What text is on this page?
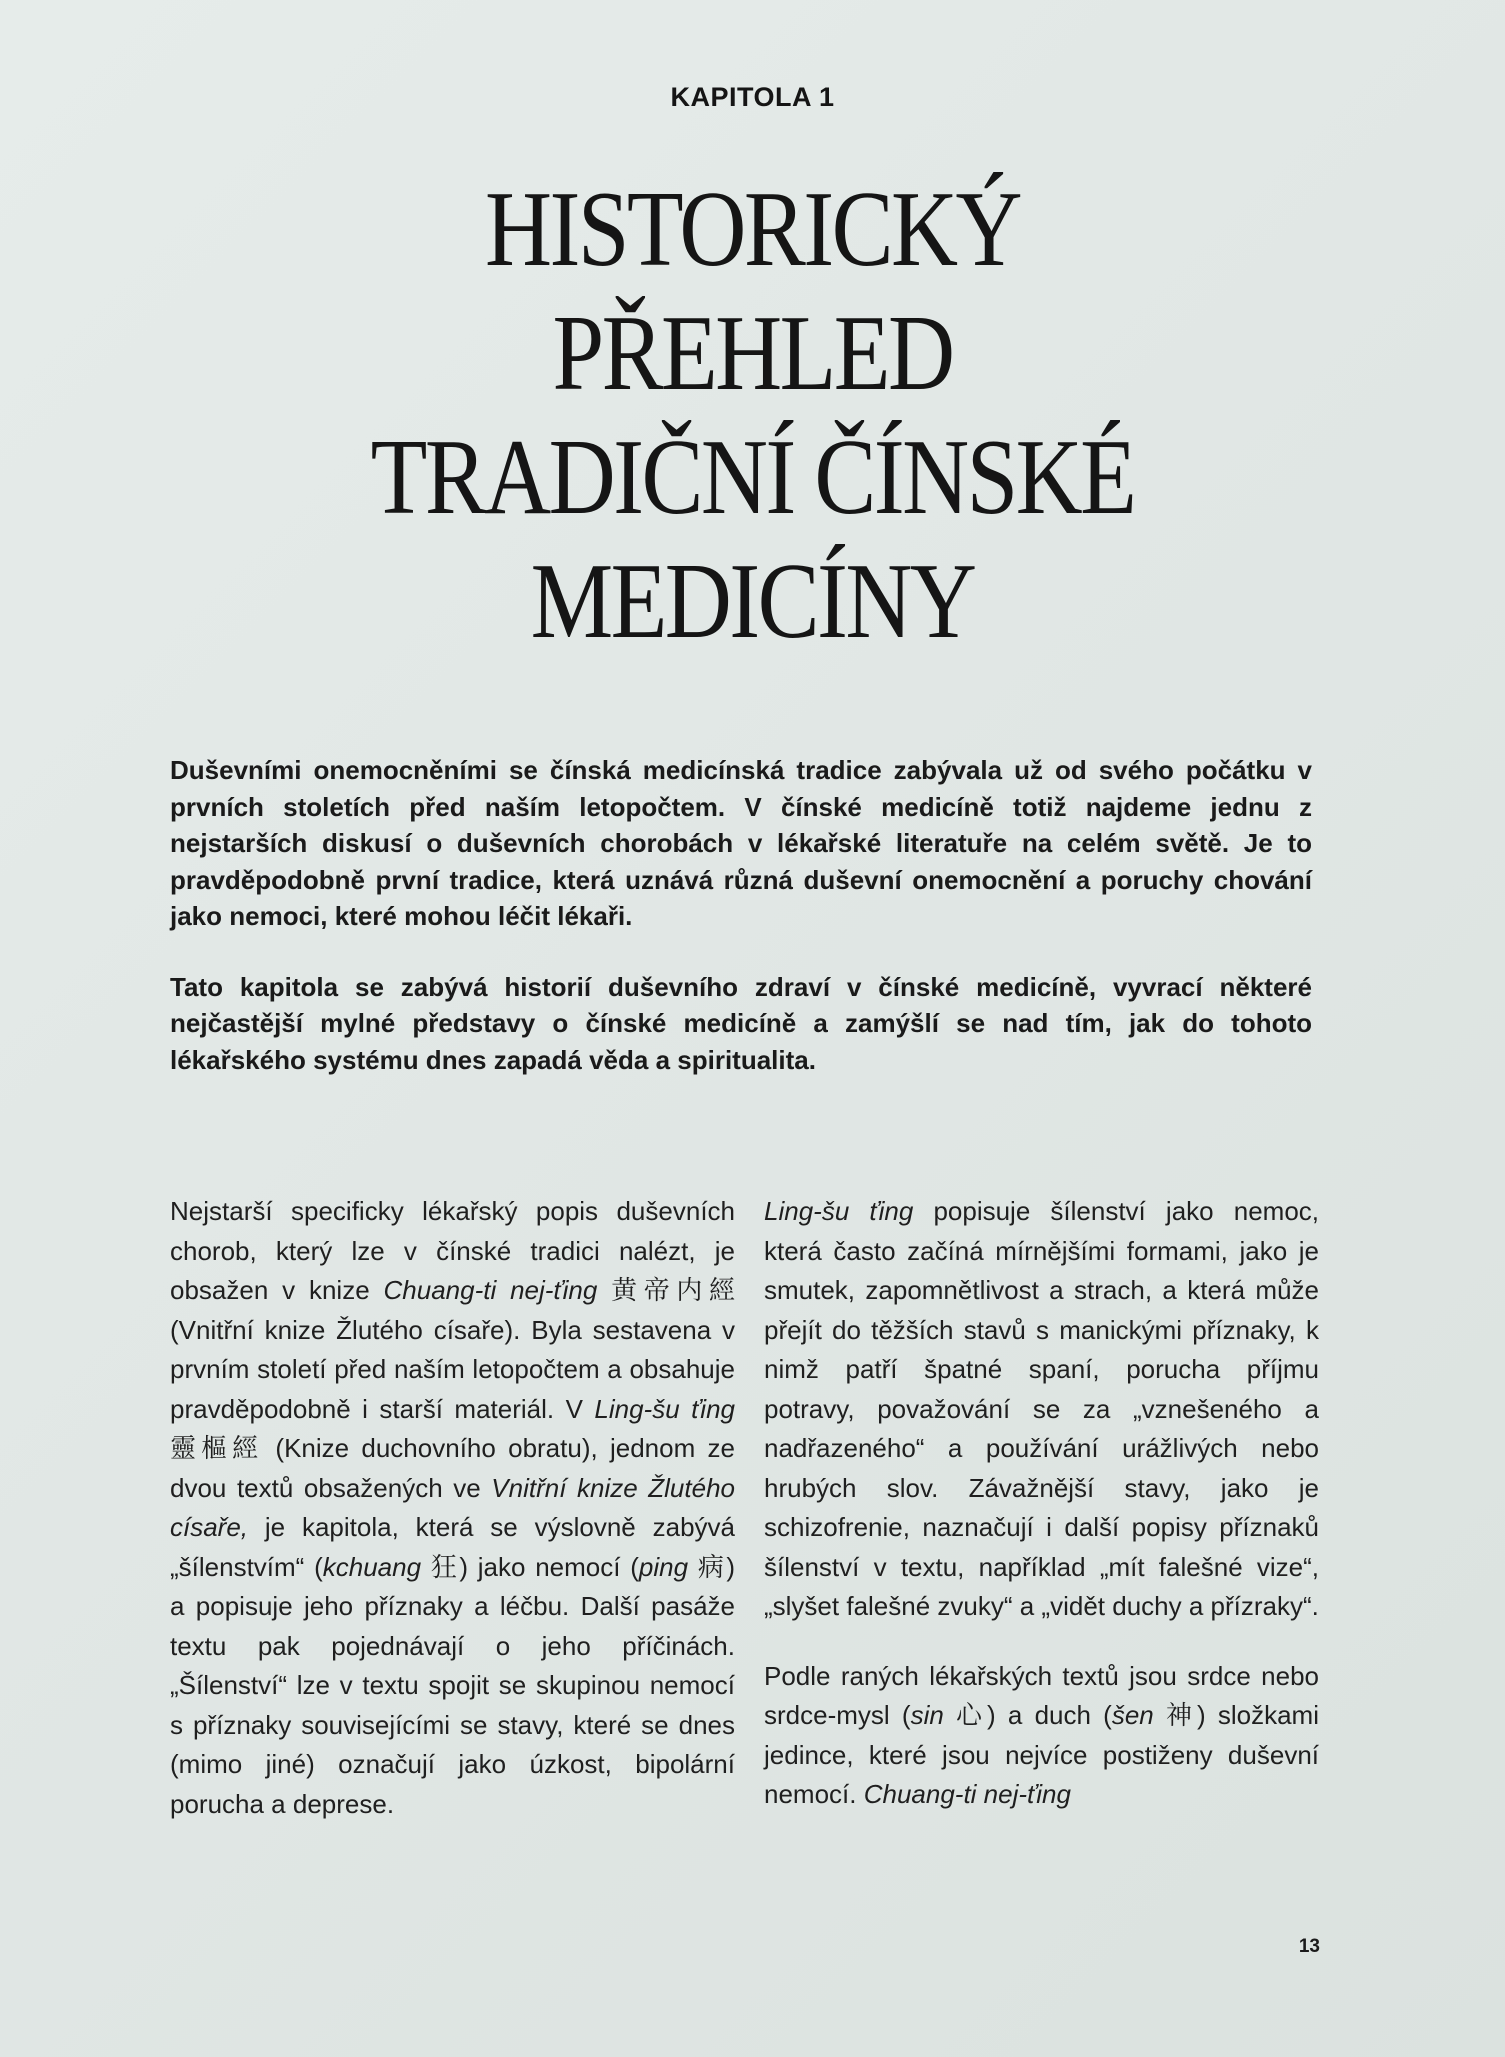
KAPITOLA 1
HISTORICKÝ
PŘEHLED
TRADIČNÍ ČÍNSKÉ
MEDICÍNY

Duševními onemocněními se čínská medicínská tradice zabývala už od svého počátku v prvních stoletích před naším letopočtem. V čínské medicíně totiž najdeme jednu z nejstarších diskusí o duševních chorobách v lékařské literatuře na celém světě. Je to pravděpodobně první tradice, která uznává různá duševní onemocnění a poruchy chování jako nemoci, které mohou léčit lékaři.

Tato kapitola se zabývá historií duševního zdraví v čínské medicíně, vyvrací některé nejčastější mylné představy o čínské medicíně a zamýšlí se nad tím, jak do tohoto lékařského systému dnes zapadá věda a spiritualita.

Nejstarší specificky lékařský popis duševních chorob, který lze v čínské tradici nalézt, je obsažen v knize Chuang-ti nej-ťing 黄帝内經 (Vnitřní knize Žlutého císaře). Byla sestavena v prvním století před naším letopočtem a obsahuje pravděpodobně i starší materiál. V Ling-šu ťing 靈樞經 (Knize duchovního obratu), jednom ze dvou textů obsažených ve Vnitřní knize Žlutého císaře, je kapitola, která se výslovně zabývá „šílenstvím“ (kchuang 狂) jako nemocí (ping 病) a popisuje jeho příznaky a léčbu. Další pasáže textu pak pojednávají o jeho příčinách. „Šílenství“ lze v textu spojit se skupinou nemocí s příznaky souvisejícími se stavy, které se dnes (mimo jiné) označují jako úzkost, bipolární porucha a deprese.

Ling-šu ťing popisuje šílenství jako nemoc, která často začíná mírnějšími formami, jako je smutek, zapomnětlivost a strach, a která může přejít do těžších stavů s manickými příznaky, k nimž patří špatné spaní, porucha příjmu potravy, považování se za „vznešeného a nadřazeného“ a používání urážlivých nebo hrubých slov. Závažnější stavy, jako je schizofrenie, naznačují i další popisy příznaků šílenství v textu, například „mít falešné vize“, „slyšet falešné zvuky“ a „vidět duchy a přízraky“.

Podle raných lékařských textů jsou srdce nebo srdce-mysl (sin 心) a duch (šen 神) složkami jedince, které jsou nejvíce postiženy duševní nemocí. Chuang-ti nej-ťing

13
